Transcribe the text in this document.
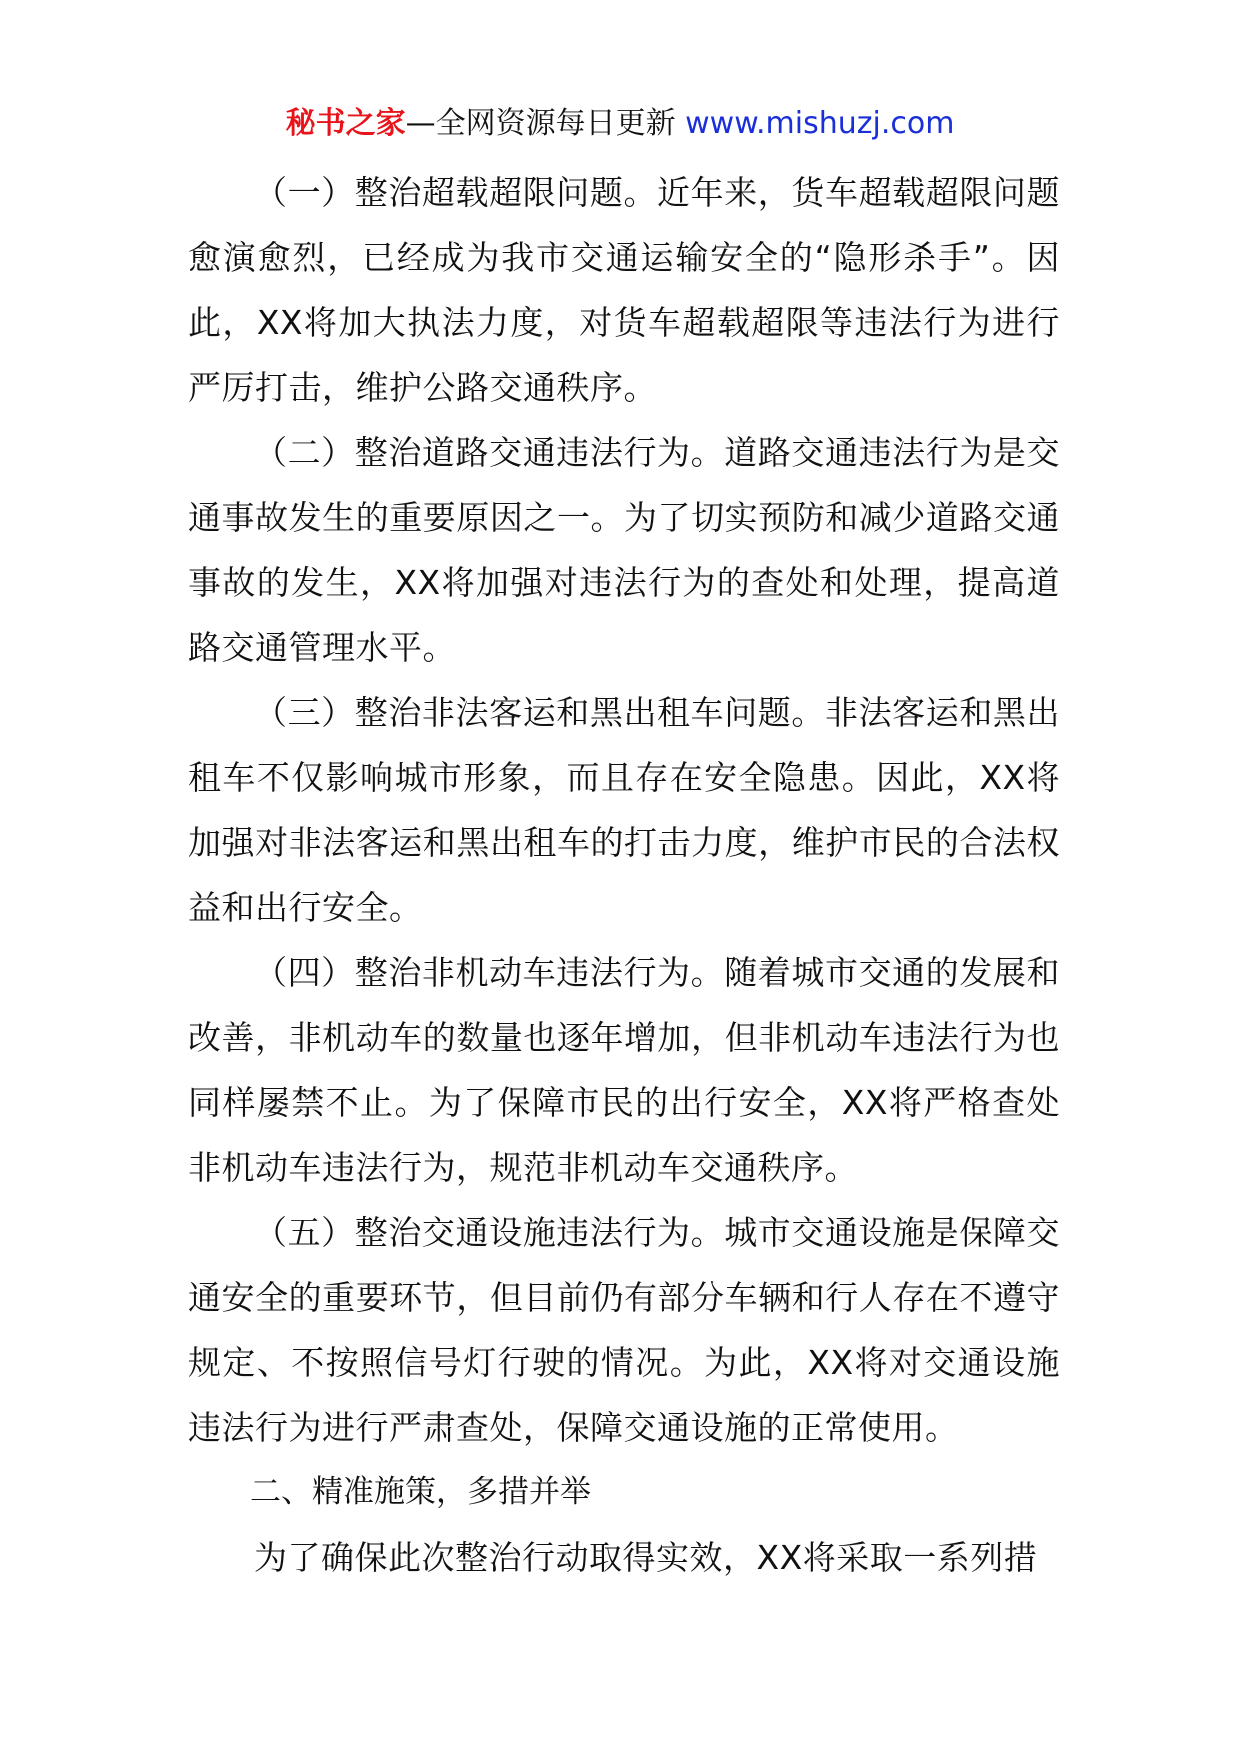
秘书之家—全网资源每日更新 www.mishuzj.com

（一）整治超载超限问题。近年来，货车超载超限问题愈演愈烈，已经成为我市交通运输安全的“隐形杀手”。因此，XX将加大执法力度，对货车超载超限等违法行为进行严厉打击，维护公路交通秩序。

（二）整治道路交通违法行为。道路交通违法行为是交通事故发生的重要原因之一。为了切实预防和减少道路交通事故的发生，XX将加强对违法行为的查处和处理，提高道路交通管理水平。

（三）整治非法客运和黑出租车问题。非法客运和黑出租车不仅影响城市形象，而且存在安全隐患。因此，XX将加强对非法客运和黑出租车的打击力度，维护市民的合法权益和出行安全。

（四）整治非机动车违法行为。随着城市交通的发展和改善，非机动车的数量也逐年增加，但非机动车违法行为也同样屡禁不止。为了保障市民的出行安全，XX将严格查处非机动车违法行为，规范非机动车交通秩序。

（五）整治交通设施违法行为。城市交通设施是保障交通安全的重要环节，但目前仍有部分车辆和行人存在不遵守规定、不按照信号灯行驶的情况。为此，XX将对交通设施违法行为进行严肃查处，保障交通设施的正常使用。

二、精准施策，多措并举

为了确保此次整治行动取得实效，XX将采取一系列措
